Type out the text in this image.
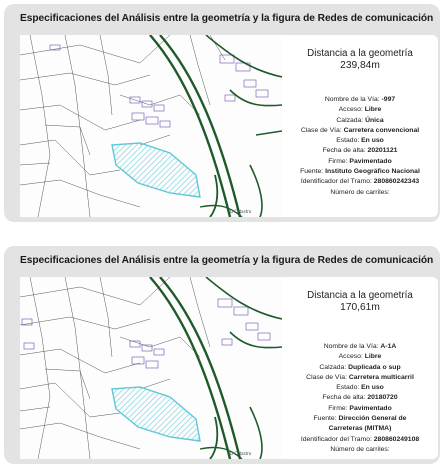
Especificaciones del Análisis entre la geometría y la figura de Redes de comunicación
D Catastro
Distancia a la geometría
239,84m
Nombre de la Vía: -997
Acceso: Libre
Calzada: Única
Clase de Vía: Carretera convencional
Estado: En uso
Fecha de alta: 20201121
Firme: Pavimentado
Fuente: Instituto Geográfico Nacional
Identificador del Tramo: 280860242343
Número de carriles:
Especificaciones del Análisis entre la geometría y la figura de Redes de comunicación
D Catastro
Distancia a la geometría
170,61m
Nombre de la Vía: A-1A
Acceso: Libre
Calzada: Duplicada o sup
Clase de Vía: Carretera multicarril
Estado: En uso
Fecha de alta: 20180720
Firme: Pavimentado
Fuente: Dirección General de Carreteras (MITMA)
Identificador del Tramo: 280860249108
Número de carriles:
